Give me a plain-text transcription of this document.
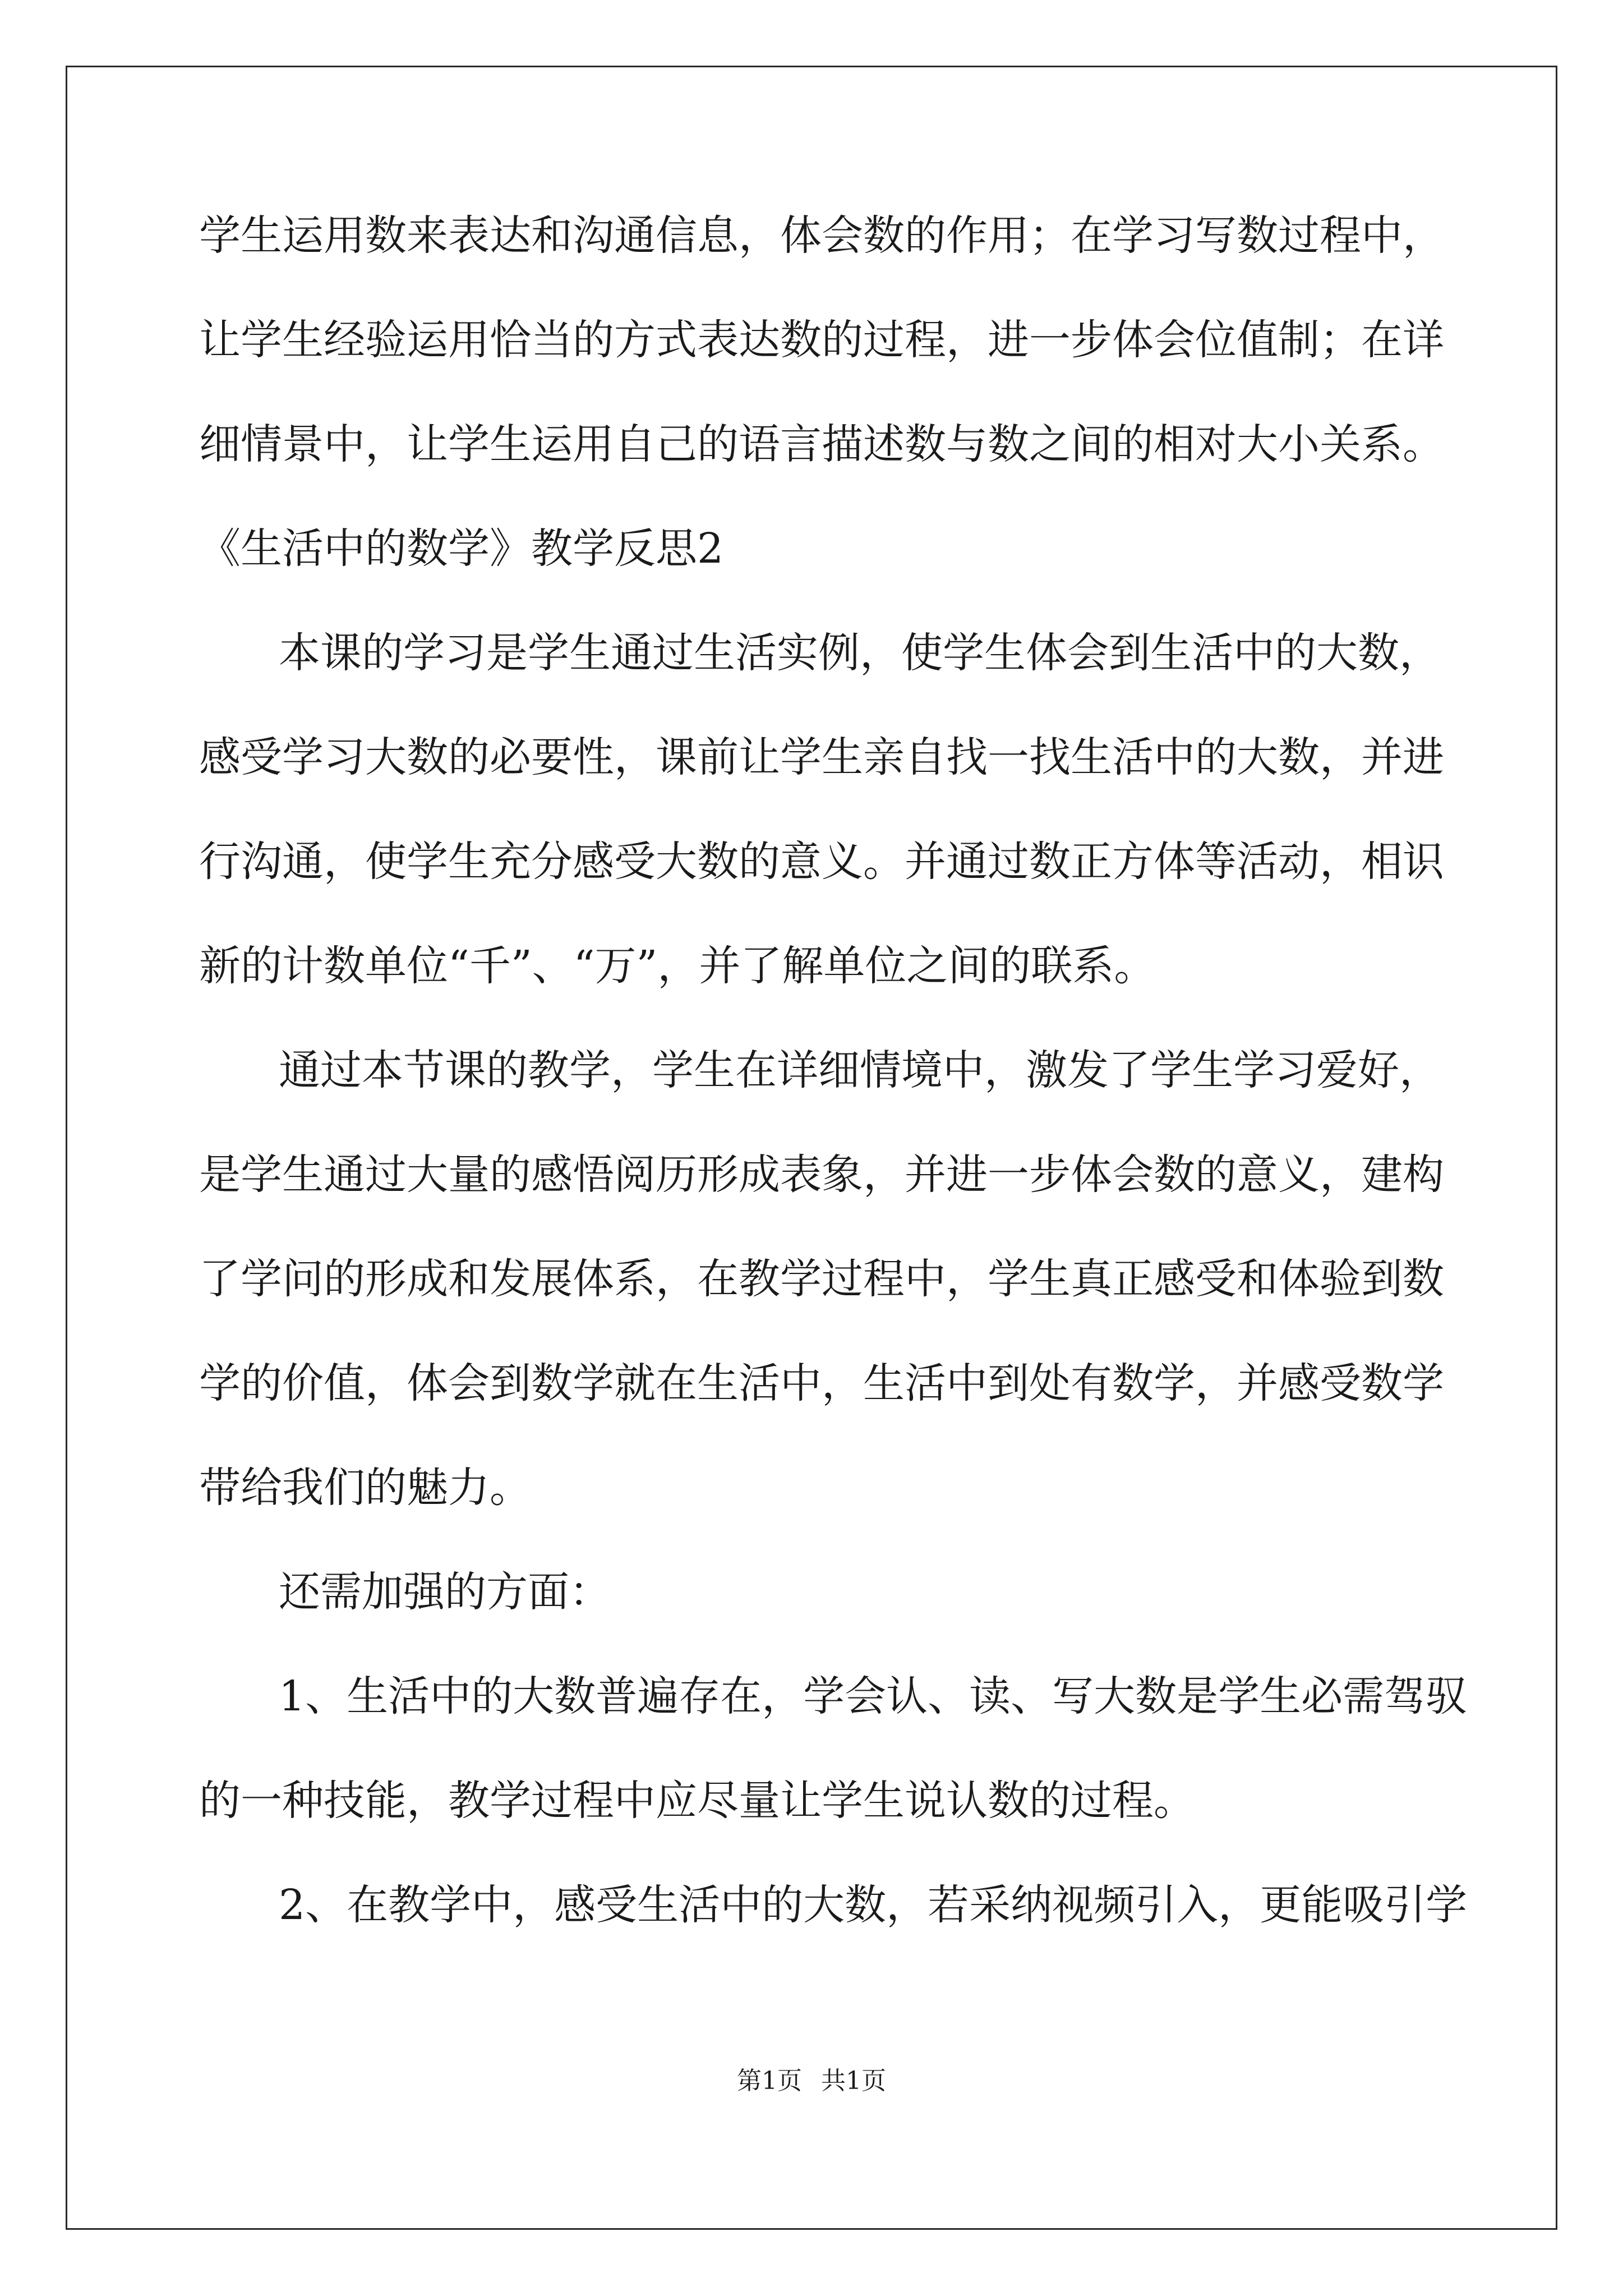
学生运用数来表达和沟通信息，体会数的作用；在学习写数过程中，
让学生经验运用恰当的方式表达数的过程，进一步体会位值制；在详
细情景中，让学生运用自己的语言描述数与数之间的相对大小关系。
《生活中的数学》教学反思2
本课的学习是学生通过生活实例，使学生体会到生活中的大数，
感受学习大数的必要性，课前让学生亲自找一找生活中的大数，并进
行沟通，使学生充分感受大数的意义。并通过数正方体等活动，相识
新的计数单位“千”、“万”，并了解单位之间的联系。
通过本节课的教学，学生在详细情境中，激发了学生学习爱好，
是学生通过大量的感悟阅历形成表象，并进一步体会数的意义，建构
了学问的形成和发展体系，在教学过程中，学生真正感受和体验到数
学的价值，体会到数学就在生活中，生活中到处有数学，并感受数学
带给我们的魅力。
还需加强的方面：
1、生活中的大数普遍存在，学会认、读、写大数是学生必需驾驭
的一种技能，教学过程中应尽量让学生说认数的过程。
2、在教学中，感受生活中的大数，若采纳视频引入，更能吸引学
第1页 共1页
